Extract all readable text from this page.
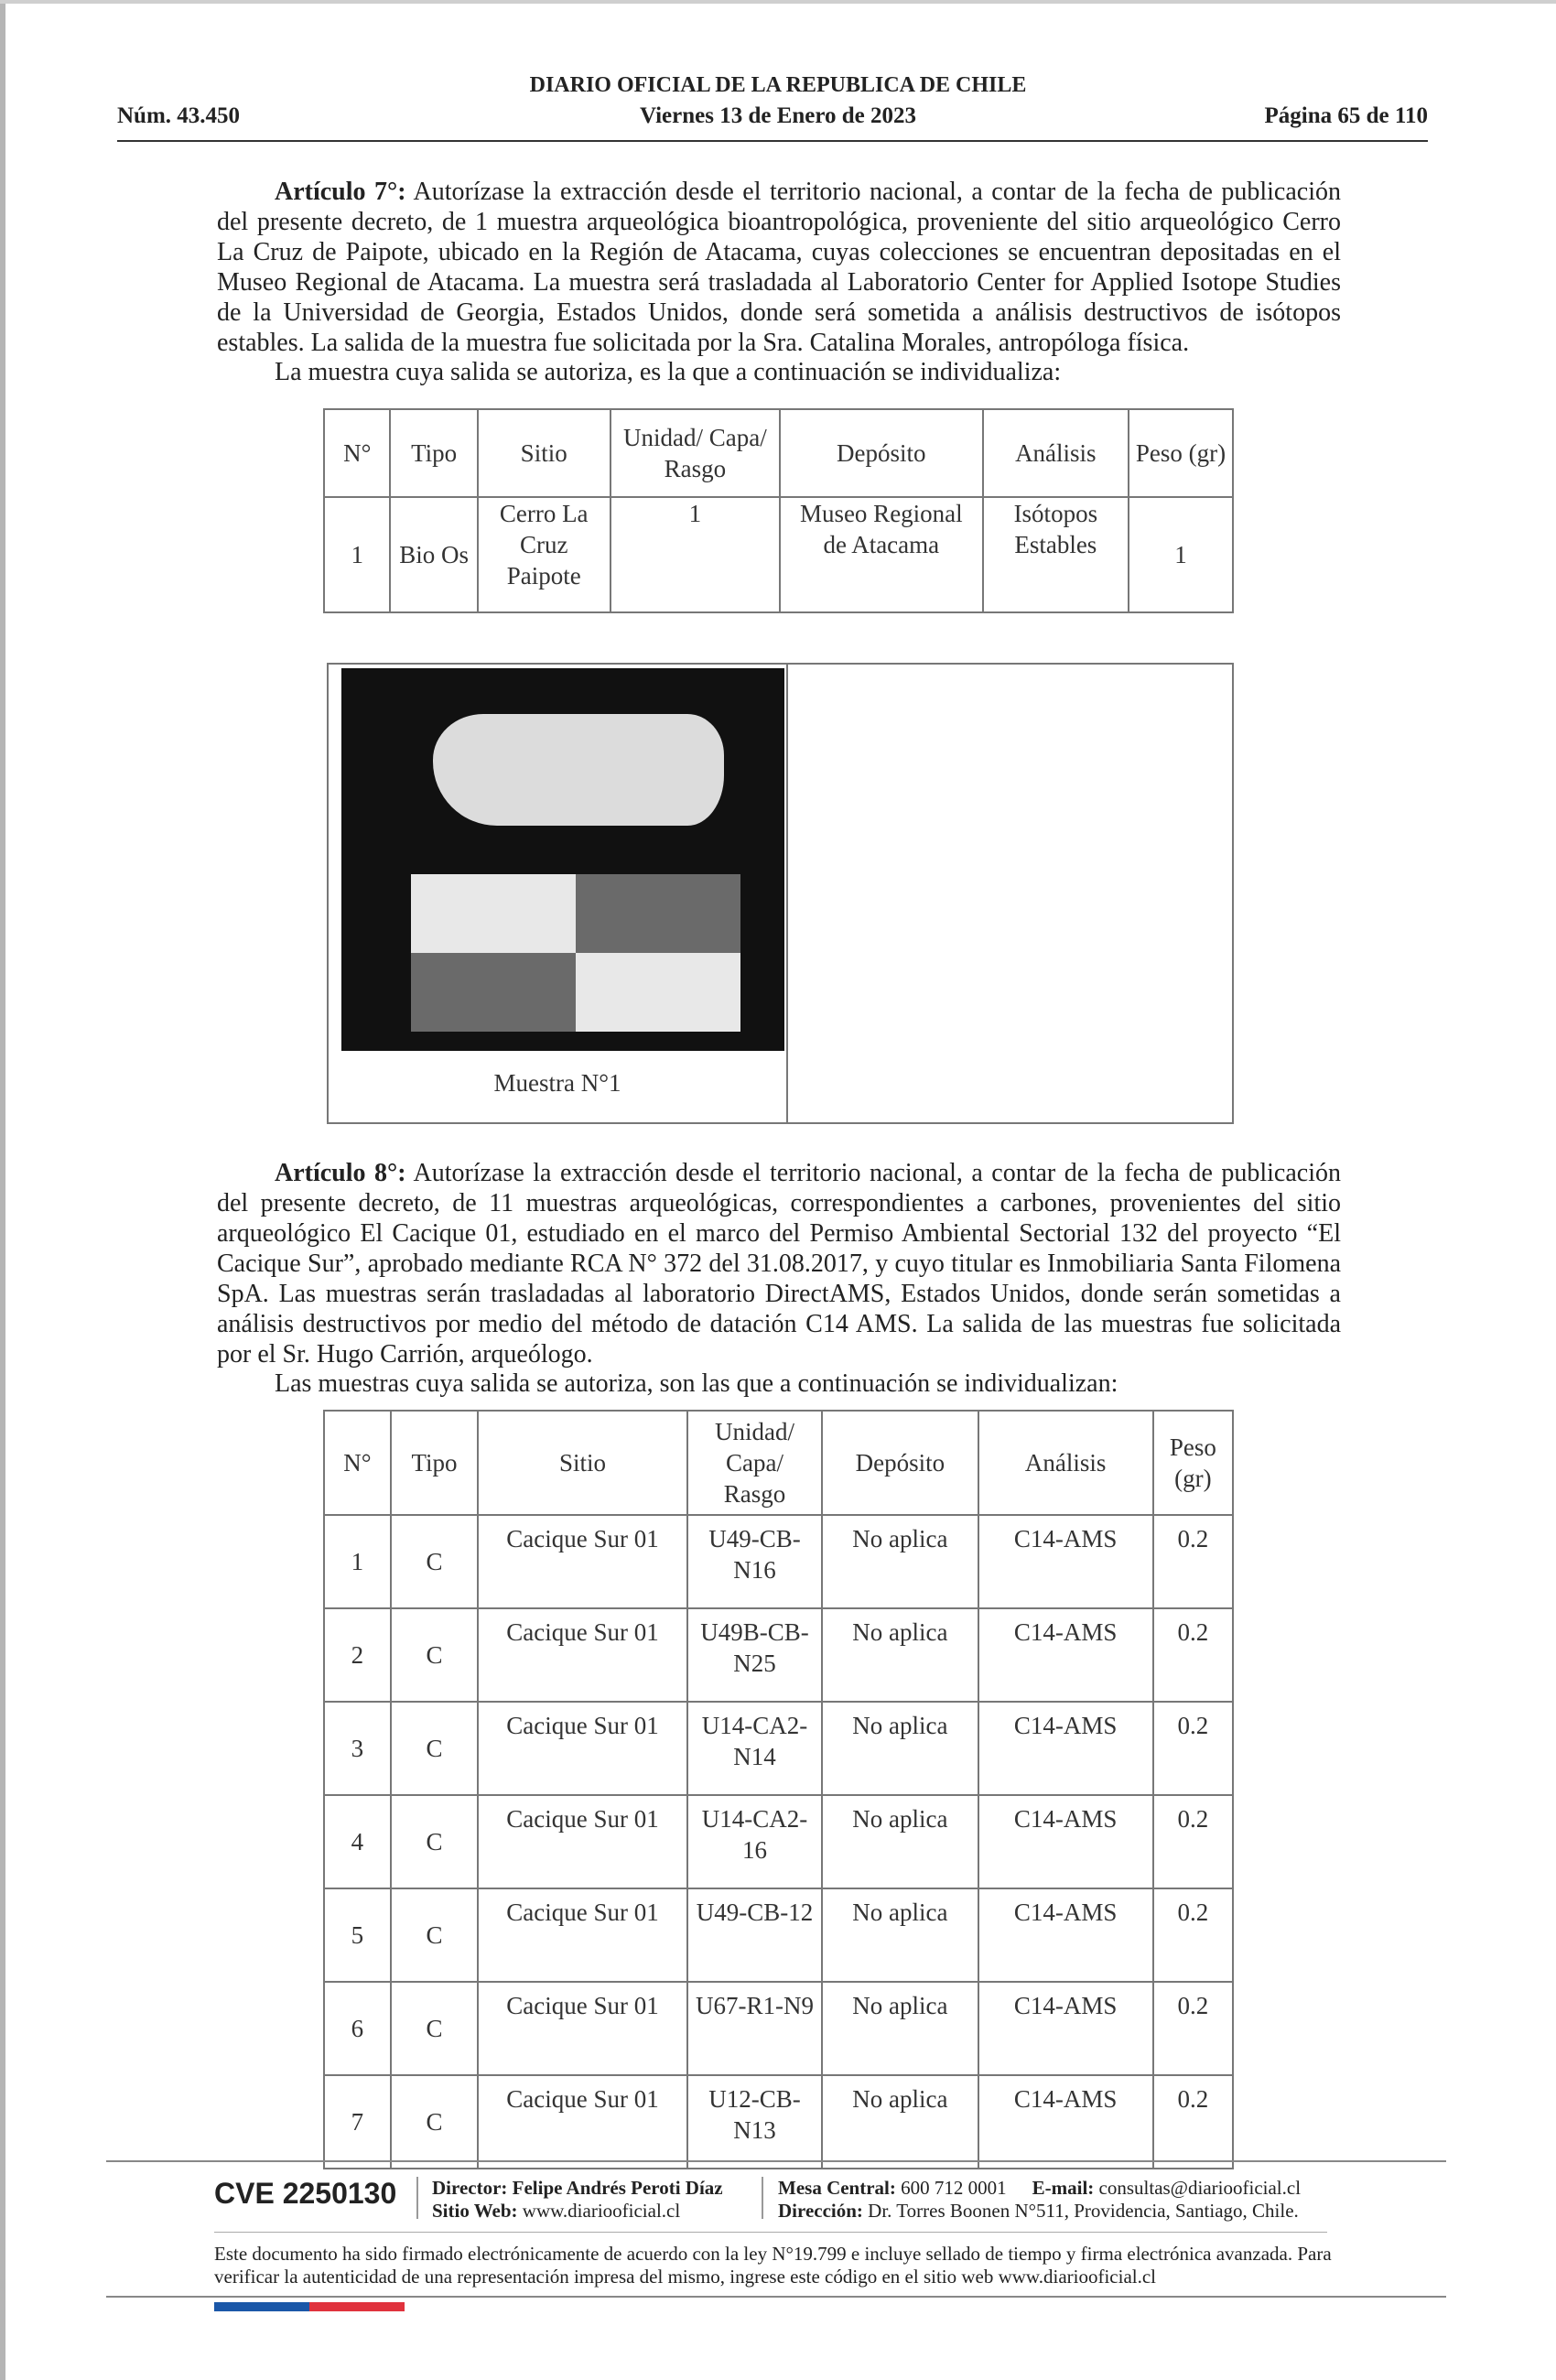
DIARIO OFICIAL DE LA REPUBLICA DE CHILE
Núm. 43.450	Viernes 13 de Enero de 2023	Página 65 de 110
Artículo 7°: Autorízase la extracción desde el territorio nacional, a contar de la fecha de publicación del presente decreto, de 1 muestra arqueológica bioantropológica, proveniente del sitio arqueológico Cerro La Cruz de Paipote, ubicado en la Región de Atacama, cuyas colecciones se encuentran depositadas en el Museo Regional de Atacama. La muestra será trasladada al Laboratorio Center for Applied Isotope Studies de la Universidad de Georgia, Estados Unidos, donde será sometida a análisis destructivos de isótopos estables. La salida de la muestra fue solicitada por la Sra. Catalina Morales, antropóloga física.
La muestra cuya salida se autoriza, es la que a continuación se individualiza:
N°	Tipo	Sitio	Unidad/ Capa/ Rasgo	Depósito	Análisis	Peso (gr)
1	Bio Os	Cerro La Cruz Paipote	1	Museo Regional de Atacama	Isótopos Estables	1
Muestra N°1
Artículo 8°: Autorízase la extracción desde el territorio nacional, a contar de la fecha de publicación del presente decreto, de 11 muestras arqueológicas, correspondientes a carbones, provenientes del sitio arqueológico El Cacique 01, estudiado en el marco del Permiso Ambiental Sectorial 132 del proyecto “El Cacique Sur”, aprobado mediante RCA N° 372 del 31.08.2017, y cuyo titular es Inmobiliaria Santa Filomena SpA. Las muestras serán trasladadas al laboratorio DirectAMS, Estados Unidos, donde serán sometidas a análisis destructivos por medio del método de datación C14 AMS. La salida de las muestras fue solicitada por el Sr. Hugo Carrión, arqueólogo.
Las muestras cuya salida se autoriza, son las que a continuación se individualizan:
N°	Tipo	Sitio	Unidad/ Capa/ Rasgo	Depósito	Análisis	Peso (gr)
1	C	Cacique Sur 01	U49-CB-N16	No aplica	C14-AMS	0.2
2	C	Cacique Sur 01	U49B-CB-N25	No aplica	C14-AMS	0.2
3	C	Cacique Sur 01	U14-CA2-N14	No aplica	C14-AMS	0.2
4	C	Cacique Sur 01	U14-CA2-16	No aplica	C14-AMS	0.2
5	C	Cacique Sur 01	U49-CB-12	No aplica	C14-AMS	0.2
6	C	Cacique Sur 01	U67-R1-N9	No aplica	C14-AMS	0.2
7	C	Cacique Sur 01	U12-CB-N13	No aplica	C14-AMS	0.2
CVE 2250130 Director: Felipe Andrés Peroti Díaz
Sitio Web: www.diariooficial.cl
Mesa Central: 600 712 0001 E-mail: consultas@diariooficial.cl
Dirección: Dr. Torres Boonen N°511, Providencia, Santiago, Chile.
Este documento ha sido firmado electrónicamente de acuerdo con la ley N°19.799 e incluye sellado de tiempo y firma electrónica avanzada. Para verificar la autenticidad de una representación impresa del mismo, ingrese este código en el sitio web www.diariooficial.cl
